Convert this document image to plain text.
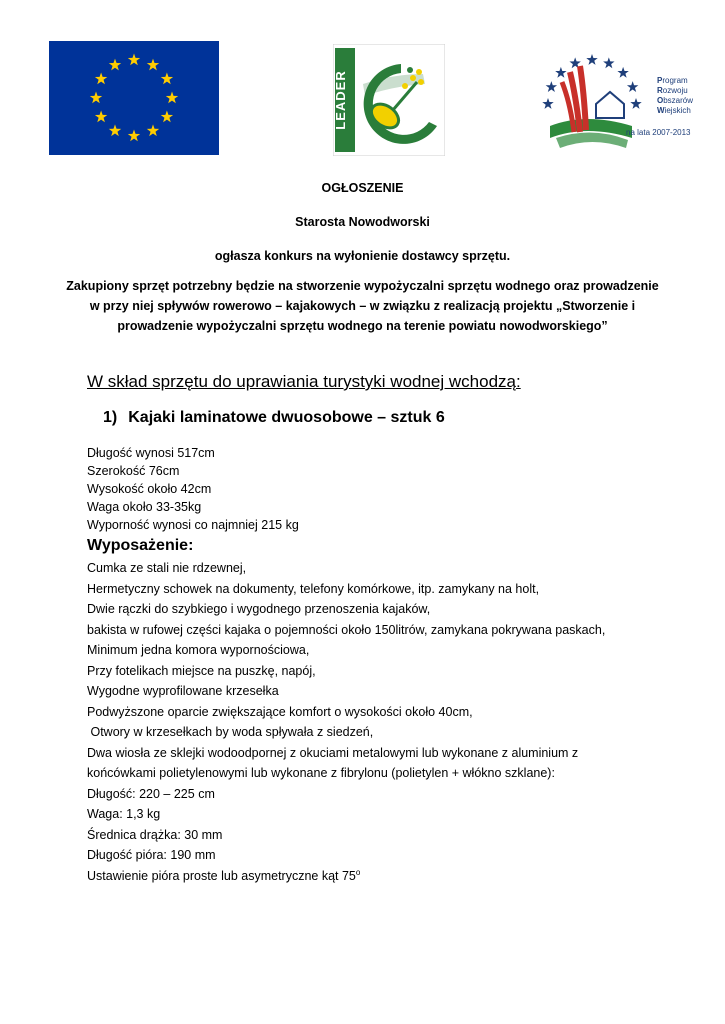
LEADER	Program
Rozwoju
Obszarów
Wiejskich
na lata 2007-2013
OGŁOSZENIE
Starosta Nowodworski
ogłasza konkurs na wyłonienie dostawcy sprzętu.
Zakupiony sprzęt potrzebny będzie na stworzenie wypożyczalni sprzętu wodnego oraz prowadzenie w przy niej spływów rowerowo – kajakowych – w związku z realizacją projektu „Stworzenie i prowadzenie wypożyczalni sprzętu wodnego na terenie powiatu nowodworskiego”
W skład sprzętu do uprawiania turystyki wodnej wchodzą:
1) Kajaki laminatowe dwuosobowe – sztuk 6
Długość wynosi 517cm
Szerokość 76cm
Wysokość około 42cm
Waga około 33-35kg
Wyporność wynosi co najmniej 215 kg
Wyposażenie:
Cumka ze stali nie rdzewnej,
Hermetyczny schowek na dokumenty, telefony komórkowe, itp. zamykany na holt,
Dwie rączki do szybkiego i wygodnego przenoszenia kajaków,
bakista w rufowej części kajaka o pojemności około 150litrów, zamykana pokrywana paskach,
Minimum jedna komora wypornościowa,
Przy fotelikach miejsce na puszkę, napój,
Wygodne wyprofilowane krzesełka
Podwyższone oparcie zwiększające komfort o wysokości około 40cm,
Otwory w krzesełkach by woda spływała z siedzeń,
Dwa wiosła ze sklejki wodoodpornej z okuciami metalowymi lub wykonane z aluminium z końcówkami polietylenowymi lub wykonane z fibrylonu (polietylen + włókno szklane):
Długość: 220 – 225 cm
Waga: 1,3 kg
Średnica drążka: 30 mm
Długość pióra: 190 mm
Ustawienie pióra proste lub asymetryczne kąt 75$^o$
